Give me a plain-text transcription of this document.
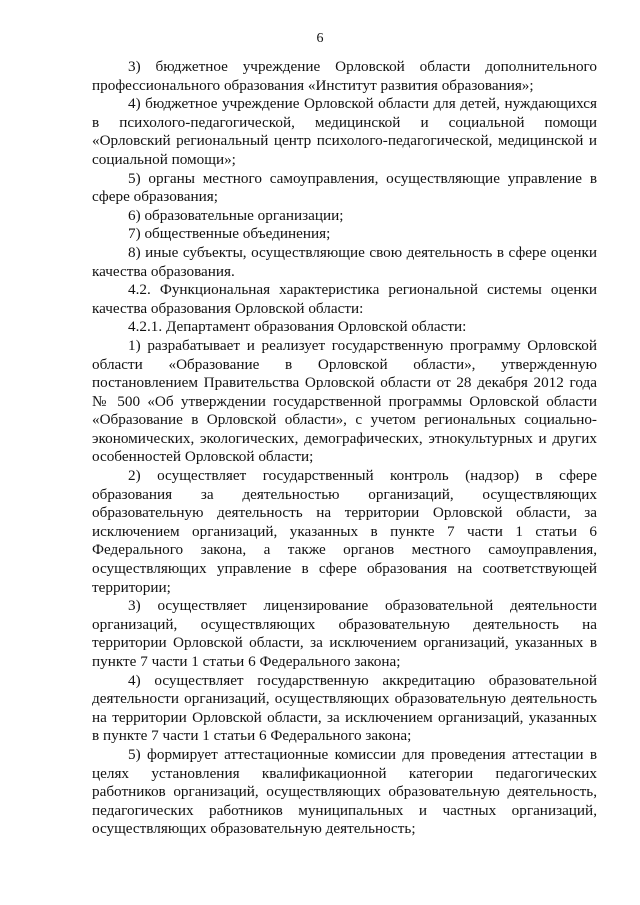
6

3) бюджетное учреждение Орловской области дополнительного профессионального образования «Институт развития образования»;

4) бюджетное учреждение Орловской области для детей, нуждающихся в психолого-педагогической, медицинской и социальной помощи «Орловский региональный центр психолого-педагогической, медицинской и социальной помощи»;

5) органы местного самоуправления, осуществляющие управление в сфере образования;

6) образовательные организации;

7) общественные объединения;

8) иные субъекты, осуществляющие свою деятельность в сфере оценки качества образования.

4.2. Функциональная характеристика региональной системы оценки качества образования Орловской области:

4.2.1. Департамент образования Орловской области:

1) разрабатывает и реализует государственную программу Орловской области «Образование в Орловской области», утвержденную постановлением Правительства Орловской области от 28 декабря 2012 года № 500 «Об утверждении государственной программы Орловской области «Образование в Орловской области», с учетом региональных социально-экономических, экологических, демографических, этнокультурных и других особенностей Орловской области;

2) осуществляет государственный контроль (надзор) в сфере образования за деятельностью организаций, осуществляющих образовательную деятельность на территории Орловской области, за исключением организаций, указанных в пункте 7 части 1 статьи 6 Федерального закона, а также органов местного самоуправления, осуществляющих управление в сфере образования на соответствующей территории;

3) осуществляет лицензирование образовательной деятельности организаций, осуществляющих образовательную деятельность на территории Орловской области, за исключением организаций, указанных в пункте 7 части 1 статьи 6 Федерального закона;

4) осуществляет государственную аккредитацию образовательной деятельности организаций, осуществляющих образовательную деятельность на территории Орловской области, за исключением организаций, указанных в пункте 7 части 1 статьи 6 Федерального закона;

5) формирует аттестационные комиссии для проведения аттестации в целях установления квалификационной категории педагогических работников организаций, осуществляющих образовательную деятельность, педагогических работников муниципальных и частных организаций, осуществляющих образовательную деятельность;
